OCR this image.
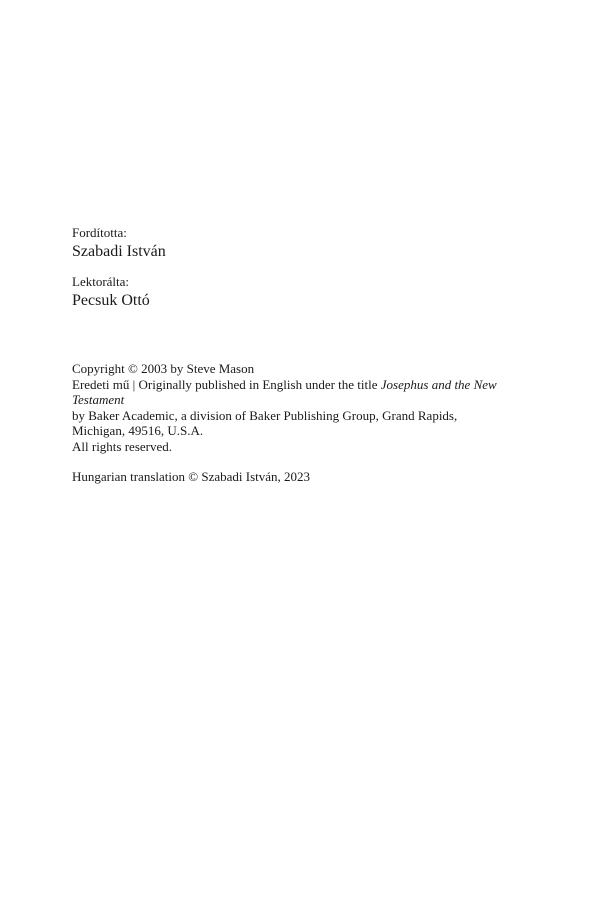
Fordította:
Szabadi István
Lektorálta:
Pecsuk Ottó

Copyright © 2003 by Steve Mason

Eredeti mű | Originally published in English under the title Josephus and the New Testament

by Baker Academic, a division of Baker Publishing Group, Grand Rapids,

Michigan, 49516, U.S.A.

All rights reserved.

Hungarian translation © Szabadi István, 2023
